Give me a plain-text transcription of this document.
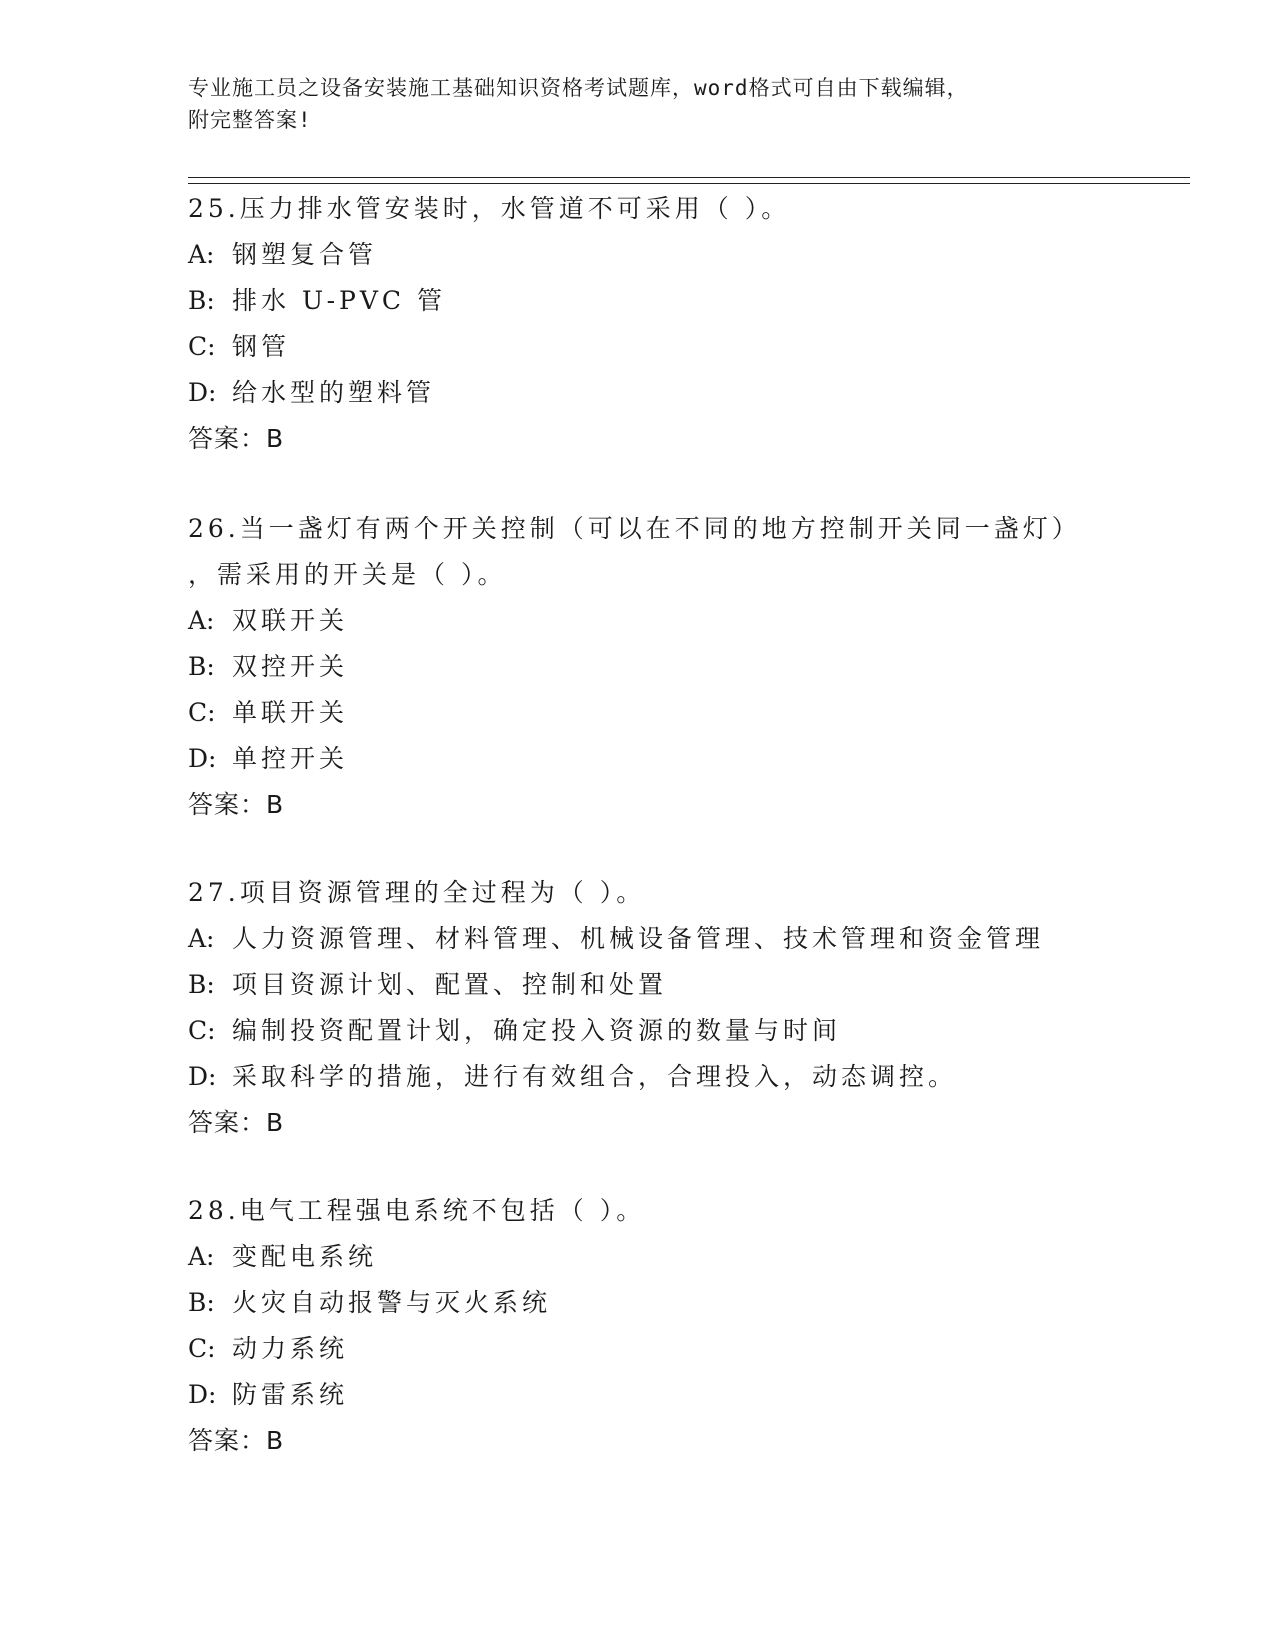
专业施工员之设备安装施工基础知识资格考试题库，word格式可自由下载编辑，
附完整答案!
25.压力排水管安装时，水管道不可采用（ ）。
A: 钢塑复合管
B: 排水 U-PVC 管
C: 钢管
D: 给水型的塑料管
答案：B
26.当一盏灯有两个开关控制（可以在不同的地方控制开关同一盏灯）
，需采用的开关是（ ）。
A: 双联开关
B: 双控开关
C: 单联开关
D: 单控开关
答案：B
27.项目资源管理的全过程为（ ）。
A: 人力资源管理、材料管理、机械设备管理、技术管理和资金管理
B: 项目资源计划、配置、控制和处置
C: 编制投资配置计划，确定投入资源的数量与时间
D: 采取科学的措施，进行有效组合，合理投入，动态调控。
答案：B
28.电气工程强电系统不包括（ ）。
A: 变配电系统
B: 火灾自动报警与灭火系统
C: 动力系统
D: 防雷系统
答案：B
